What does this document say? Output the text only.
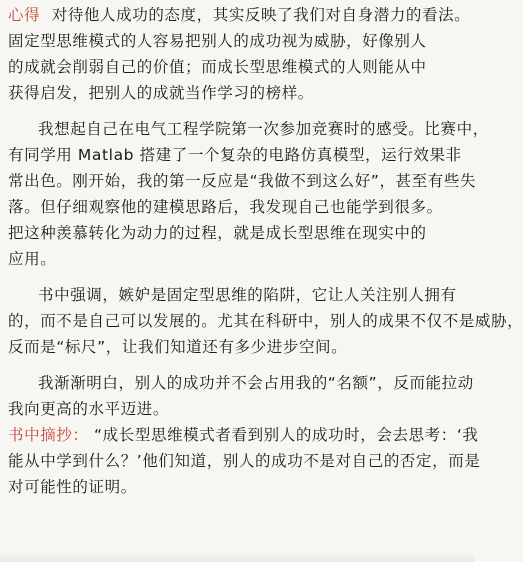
心得 对待他人成功的态度，其实反映了我们对自身潜力的看法。
固定型思维模式的人容易把别人的成功视为威胁，好像别人
的成就会削弱自己的价值；而成长型思维模式的人则能从中
获得启发，把别人的成就当作学习的榜样。
我想起自己在电气工程学院第一次参加竞赛时的感受。比赛中，
有同学用 Matlab 搭建了一个复杂的电路仿真模型，运行效果非
常出色。刚开始，我的第一反应是“我做不到这么好”，甚至有些失
落。但仔细观察他的建模思路后，我发现自己也能学到很多。
把这种羡慕转化为动力的过程，就是成长型思维在现实中的
应用。
书中强调，嫉妒是固定型思维的陷阱，它让人关注别人拥有
的，而不是自己可以发展的。尤其在科研中，别人的成果不仅不是威胁，
反而是“标尺”，让我们知道还有多少进步空间。
我渐渐明白，别人的成功并不会占用我的“名额”，反而能拉动
我向更高的水平迈进。
书中摘抄： “成长型思维模式者看到别人的成功时，会去思考：‘我
能从中学到什么？’他们知道，别人的成功不是对自己的否定，而是
对可能性的证明。
